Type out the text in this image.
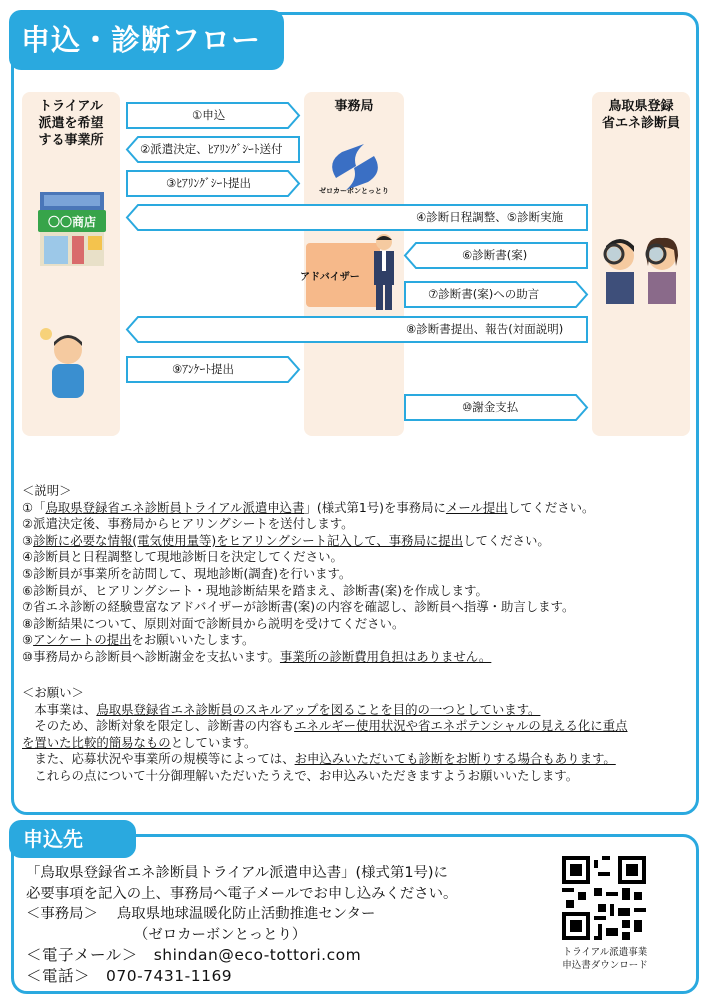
申込・診断フロー
トライアル
派遣を希望
する事業所
事務局	鳥取県登録
省エネ診断員
〇〇商店
ゼロカーボンとっとり
アドバイザー
①申込
②派遣決定、ﾋｱﾘﾝｸﾞｼｰﾄ送付
③ﾋｱﾘﾝｸﾞｼｰﾄ提出
④診断日程調整、⑤診断実施
⑥診断書(案)
⑦診断書(案)への助言
⑧診断書提出、報告(対面説明)
⑨ｱﾝｹｰﾄ提出
⑩謝金支払

＜説明＞

①「鳥取県登録省エネ診断員トライアル派遣申込書」(様式第1号)を事務局にメール提出してください。

②派遣決定後、事務局からヒアリングシートを送付します。

③診断に必要な情報(電気使用量等)をヒアリングシート記入して、事務局に提出してください。

④診断員と日程調整して現地診断日を決定してください。

⑤診断員が事業所を訪問して、現地診断(調査)を行います。

⑥診断員が、ヒアリングシート・現地診断結果を踏まえ、診断書(案)を作成します。

⑦省エネ診断の経験豊富なアドバイザーが診断書(案)の内容を確認し、診断員へ指導・助言します。

⑧診断結果について、原則対面で診断員から説明を受けてください。

⑨アンケートの提出をお願いいたします。

⑩事務局から診断員へ診断謝金を支払います。事業所の診断費用負担はありません。

＜お願い＞

　本事業は、鳥取県登録省エネ診断員のスキルアップを図ることを目的の一つとしています。

　そのため、診断対象を限定し、診断書の内容もエネルギー使用状況や省エネポテンシャルの見える化に重点

を置いた比較的簡易なものとしています。

　また、応募状況や事業所の規模等によっては、お申込みいただいても診断をお断りする場合もあります。

　これらの点について十分御理解いただいたうえで、お申込みいただきますようお願いいたします。

申込先

「鳥取県登録省エネ診断員トライアル派遣申込書」(様式第1号)に

必要事項を記入の上、事務局へ電子メールでお申し込みください。

＜事務局＞　 鳥取県地球温暖化防止活動推進センター

　　　　　　　　（ゼロカーボンとっとり）

＜電子メール＞　shindan@eco-tottori.com

＜電話＞　070-7431-1169

トライアル派遣事業
申込書ダウンロード
